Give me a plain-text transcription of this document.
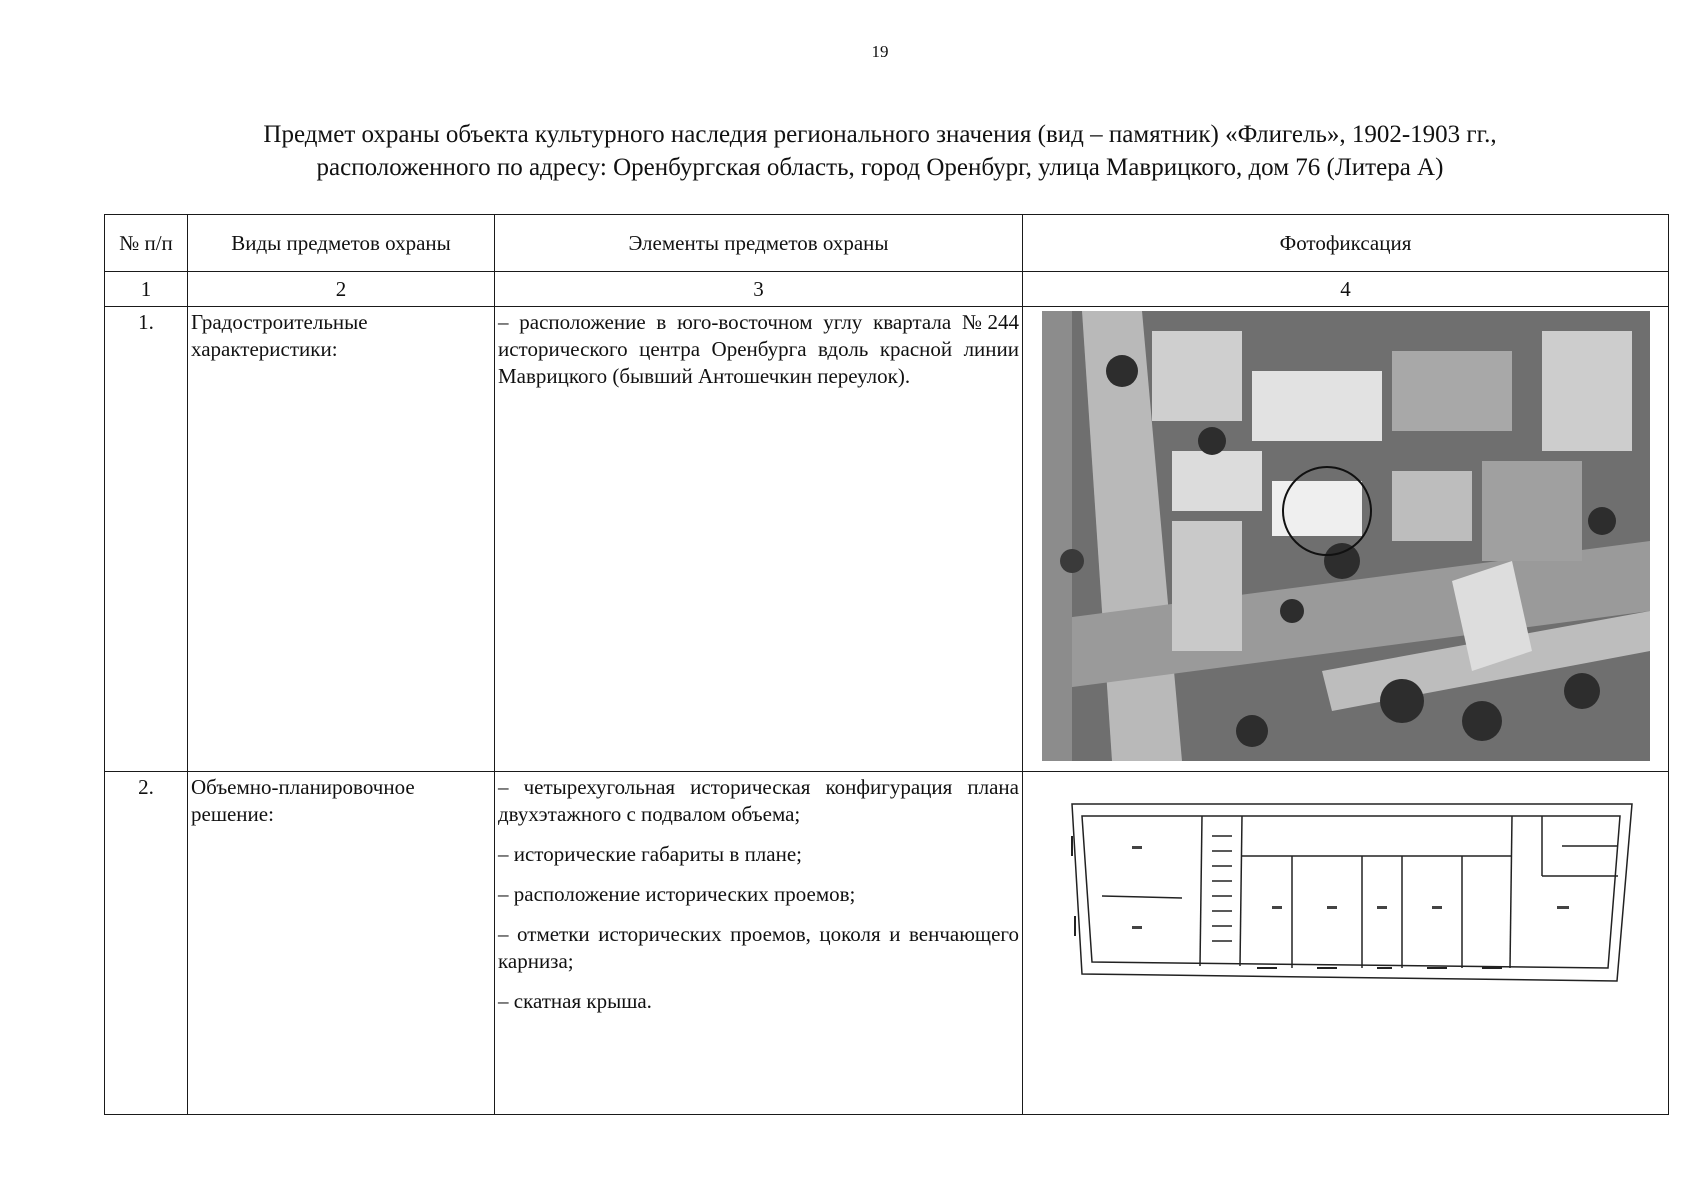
19
Предмет охраны объекта культурного наследия регионального значения (вид – памятник) «Флигель», 1902-1903 гг.,
расположенного по адресу: Оренбургская область, город Оренбург, улица Маврицкого, дом 76 (Литера А)
№ п/п	Виды предметов охраны	Элементы предметов охраны	Фотофиксация
1	2	3	4
1.	Градостроительные характеристики:	– расположение в юго-восточном углу квартала №244 исторического центра Оренбурга вдоль красной линии Маврицкого (бывший Антошечкин переулок).

2.	Объемно-планировочное решение:	– четырехугольная историческая конфигурация плана двухэтажного с подвалом объема;

– исторические габариты в плане;

– расположение исторических проемов;

– отметки исторических проемов, цоколя и венчающего карниза;

– скатная крыша.
